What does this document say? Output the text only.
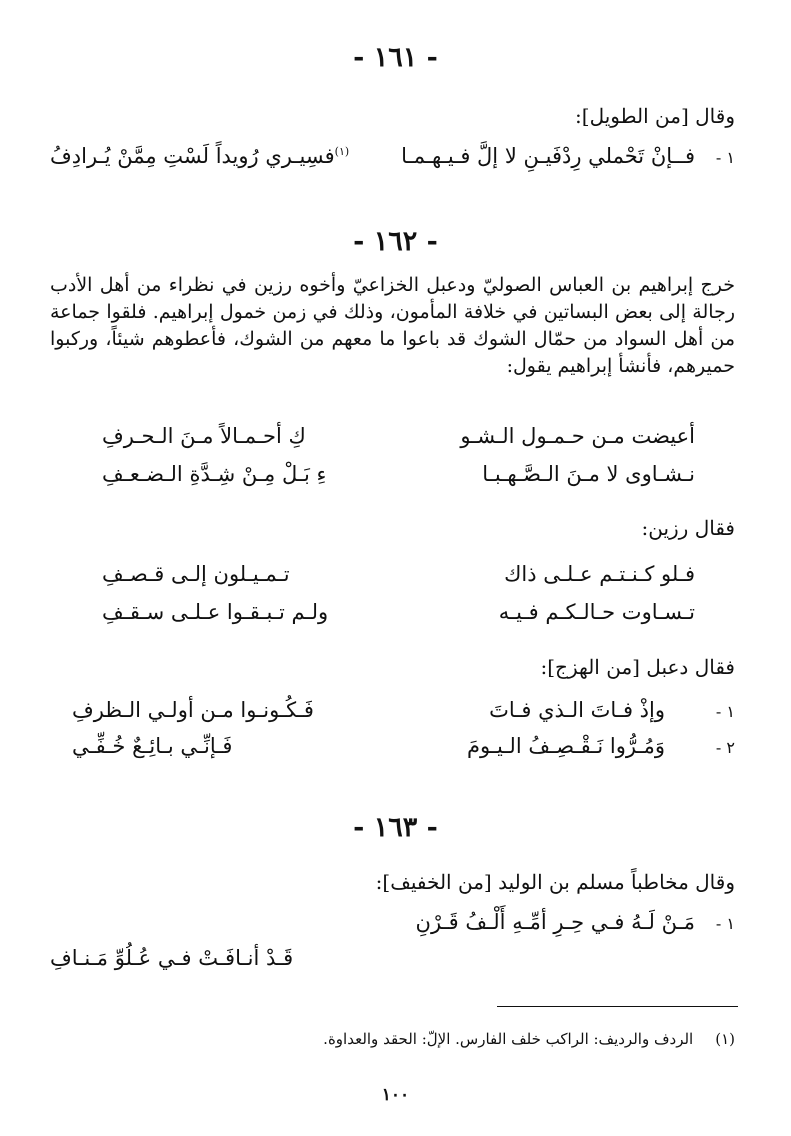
- ١٦١ -
وقال [من الطويل]:
١ -
فــإنْ تَحْملي رِدْفَيـنِ لا إلَّ فـيـهـمـا
$^{(١)}$فسِيـري رُويداً لَسْتِ مِمَّنْ يُـرادِفُ
- ١٦٢ -
خرج إبراهيم بن العباس الصوليّ ودعبل الخزاعيّ وأخوه رزين في نظراء من أهل الأدب رجالة إلى بعض البساتين في خلافة المأمون، وذلك في زمن خمول إبراهيم. فلقوا جماعة من أهل السواد من حمّال الشوك قد باعوا ما معهم من الشوك، فأعطوهم شيئاً، وركبوا حميرهم، فأنشأ إبراهيم يقول:
أعيضت مـن حـمـول الـشـو
كِ أحـمـالاً مـنَ الـحـرفِ
نـشـاوى لا مـنَ الـصَّـهـبـا
ءِ بَـلْ مِـنْ شِـدَّةِ الـضـعـفِ
فقال رزين:
فـلو كـنـتـم عـلـى ذاك
تـمـيـلون إلـى قـصـفِ
تـسـاوت حـالـكـم فـيـه
ولـم تـبـقـوا عـلـى سـقـفِ
فقال دعبل [من الهزج]:
١ -
وإذْ فـاتَ الـذي فـاتَ
فَـكُـونـوا مـن أولـي الـظرفِ
٢ -
وَمُـرُّوا نَـقْـصِـفُ الـيـومَ
فَـإنِّـي بـائِـعٌ خُـفِّـي
- ١٦٣ -
وقال مخاطباً مسلم بن الوليد [من الخفيف]:
١ -
مَـنْ لَـهُ فـي حِـرِ أمِّـهِ أَلْـفُ قَـرْنِ
قَـدْ أنـافَـتْ فـي عُـلُوِّ مَـنـافِ
(١)الردف والرديف: الراكب خلف الفارس. الإلّ: الحقد والعداوة.
١٠٠
